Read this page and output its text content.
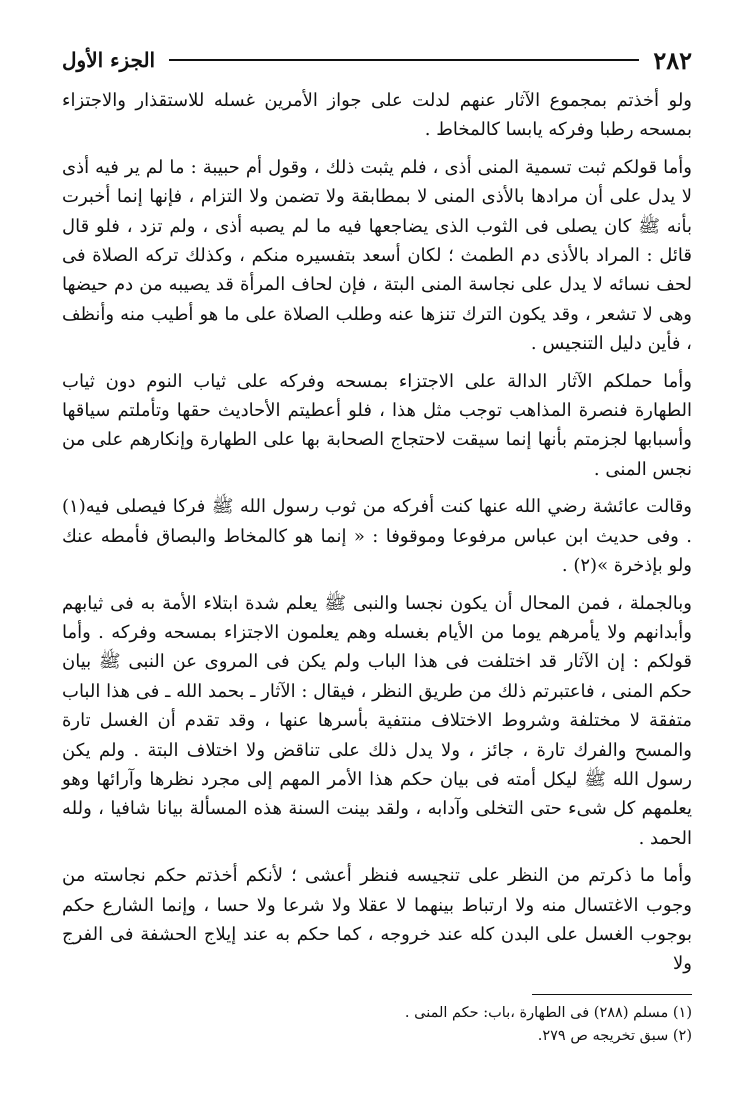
٢٨٢
الجزء الأول

ولو أخذتم بمجموع الآثار عنهم لدلت على جواز الأمرين غسله للاستقذار والاجتزاء بمسحه رطبا وفركه يابسا كالمخاط .

وأما قولكم ثبت تسمية المنى أذى ، فلم يثبت ذلك ، وقول أم حبيبة : ما لم ير فيه أذى لا يدل على أن مرادها بالأذى المنى لا بمطابقة ولا تضمن ولا التزام ، فإنها إنما أخبرت بأنه ﷺ كان يصلى فى الثوب الذى يضاجعها فيه ما لم يصبه أذى ، ولم تزد ، فلو قال قائل : المراد بالأذى دم الطمث ؛ لكان أسعد بتفسيره منكم ، وكذلك تركه الصلاة فى لحف نسائه لا يدل على نجاسة المنى البتة ، فإن لحاف المرأة قد يصيبه من دم حيضها وهى لا تشعر ، وقد يكون الترك تنزها عنه وطلب الصلاة على ما هو أطيب منه وأنظف ، فأين دليل التنجيس .

وأما حملكم الآثار الدالة على الاجتزاء بمسحه وفركه على ثياب النوم دون ثياب الطهارة فنصرة المذاهب توجب مثل هذا ، فلو أعطيتم الأحاديث حقها وتأملتم سياقها وأسبابها لجزمتم بأنها إنما سيقت لاحتجاج الصحابة بها على الطهارة وإنكارهم على من نجس المنى .

وقالت عائشة رضي الله عنها كنت أفركه من ثوب رسول الله ﷺ فركا فيصلى فيه(١) . وفى حديث ابن عباس مرفوعا وموقوفا : « إنما هو كالمخاط والبصاق فأمطه عنك ولو بإذخرة »(٢) .

وبالجملة ، فمن المحال أن يكون نجسا والنبى ﷺ يعلم شدة ابتلاء الأمة به فى ثيابهم وأبدانهم ولا يأمرهم يوما من الأيام بغسله وهم يعلمون الاجتزاء بمسحه وفركه . وأما قولكم : إن الآثار قد اختلفت فى هذا الباب ولم يكن فى المروى عن النبى ﷺ بيان حكم المنى ، فاعتبرتم ذلك من طريق النظر ، فيقال : الآثار ـ بحمد الله ـ فى هذا الباب متفقة لا مختلفة وشروط الاختلاف منتفية بأسرها عنها ، وقد تقدم أن الغسل تارة والمسح والفرك تارة ، جائز ، ولا يدل ذلك على تناقض ولا اختلاف البتة . ولم يكن رسول الله ﷺ ليكل أمته فى بيان حكم هذا الأمر المهم إلى مجرد نظرها وآرائها وهو يعلمهم كل شىء حتى التخلى وآدابه ، ولقد بينت السنة هذه المسألة بيانا شافيا ، ولله الحمد .

وأما ما ذكرتم من النظر على تنجيسه فنظر أعشى ؛ لأنكم أخذتم حكم نجاسته من وجوب الاغتسال منه ولا ارتباط بينهما لا عقلا ولا شرعا ولا حسا ، وإنما الشارع حكم بوجوب الغسل على البدن كله عند خروجه ، كما حكم به عند إيلاج الحشفة فى الفرج ولا

(١) مسلم (٢٨٨) فى الطهارة ،باب: حكم المنى .

(٢) سبق تخريجه ص ٢٧٩.
